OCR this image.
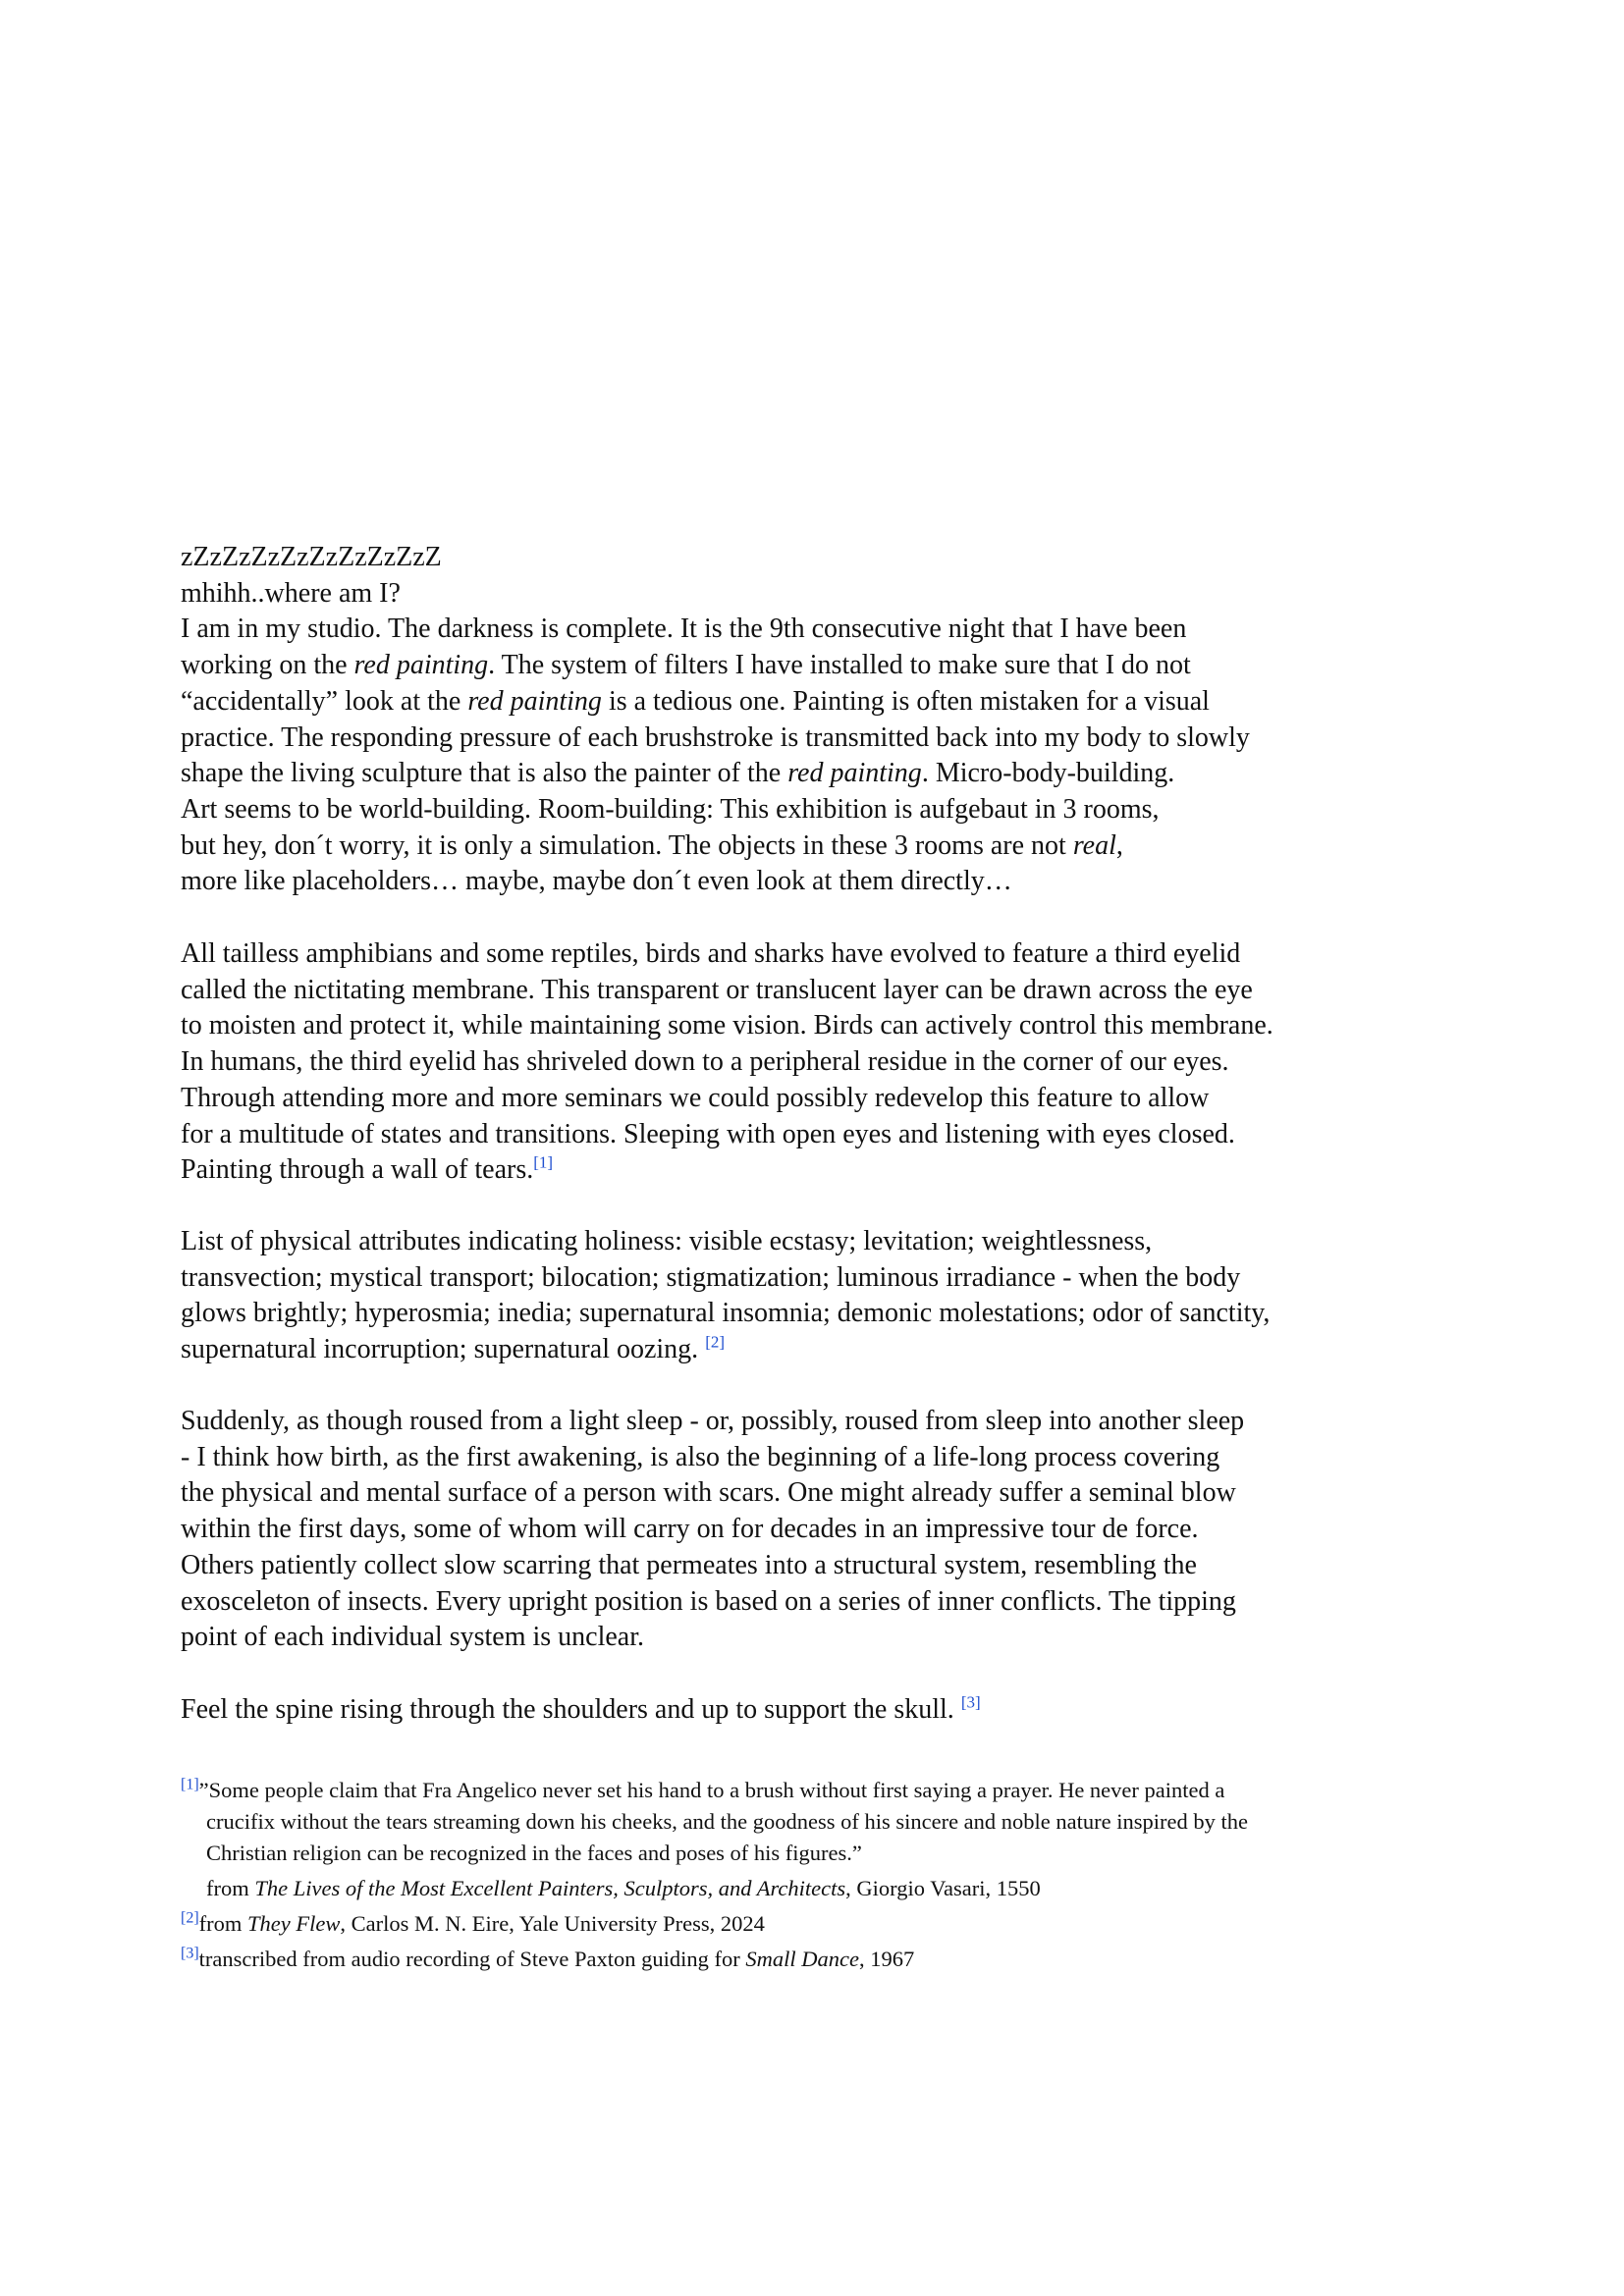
zZzZzZzZzZzZzZzZzZ
mhihh..where am I?
I am in my studio. The darkness is complete. It is the 9th consecutive night that I have been
working on the red painting. The system of filters I have installed to make sure that I do not
“accidentally” look at the red painting is a tedious one. Painting is often mistaken for a visual
practice. The responding pressure of each brushstroke is transmitted back into my body to slowly
shape the living sculpture that is also the painter of the red painting. Micro-body-building.
Art seems to be world-building. Room-building: This exhibition is aufgebaut in 3 rooms,
but hey, don´t worry, it is only a simulation. The objects in these 3 rooms are not real,
more like placeholders… maybe, maybe don´t even look at them directly…
All tailless amphibians and some reptiles, birds and sharks have evolved to feature a third eyelid
called the nictitating membrane. This transparent or translucent layer can be drawn across the eye
to moisten and protect it, while maintaining some vision. Birds can actively control this membrane.
In humans, the third eyelid has shriveled down to a peripheral residue in the corner of our eyes.
Through attending more and more seminars we could possibly redevelop this feature to allow
for a multitude of states and transitions. Sleeping with open eyes and listening with eyes closed.
Painting through a wall of tears.[1]
List of physical attributes indicating holiness: visible ecstasy; levitation; weightlessness,
transvection; mystical transport; bilocation; stigmatization; luminous irradiance - when the body
glows brightly; hyperosmia; inedia; supernatural insomnia; demonic molestations; odor of sanctity,
supernatural incorruption; supernatural oozing. [2]
Suddenly, as though roused from a light sleep - or, possibly, roused from sleep into another sleep
- I think how birth, as the first awakening, is also the beginning of a life-long process covering
the physical and mental surface of a person with scars. One might already suffer a seminal blow
within the first days, some of whom will carry on for decades in an impressive tour de force.
Others patiently collect slow scarring that permeates into a structural system, resembling the
exosceleton of insects. Every upright position is based on a series of inner conflicts. The tipping
point of each individual system is unclear.
Feel the spine rising through the shoulders and up to support the skull. [3]
[1]”Some people claim that Fra Angelico never set his hand to a brush without first saying a prayer. He never painted a
crucifix without the tears streaming down his cheeks, and the goodness of his sincere and noble nature inspired by the
Christian religion can be recognized in the faces and poses of his figures.”
from The Lives of the Most Excellent Painters, Sculptors, and Architects, Giorgio Vasari, 1550
[2]from They Flew, Carlos M. N. Eire, Yale University Press, 2024
[3]transcribed from audio recording of Steve Paxton guiding for Small Dance, 1967
